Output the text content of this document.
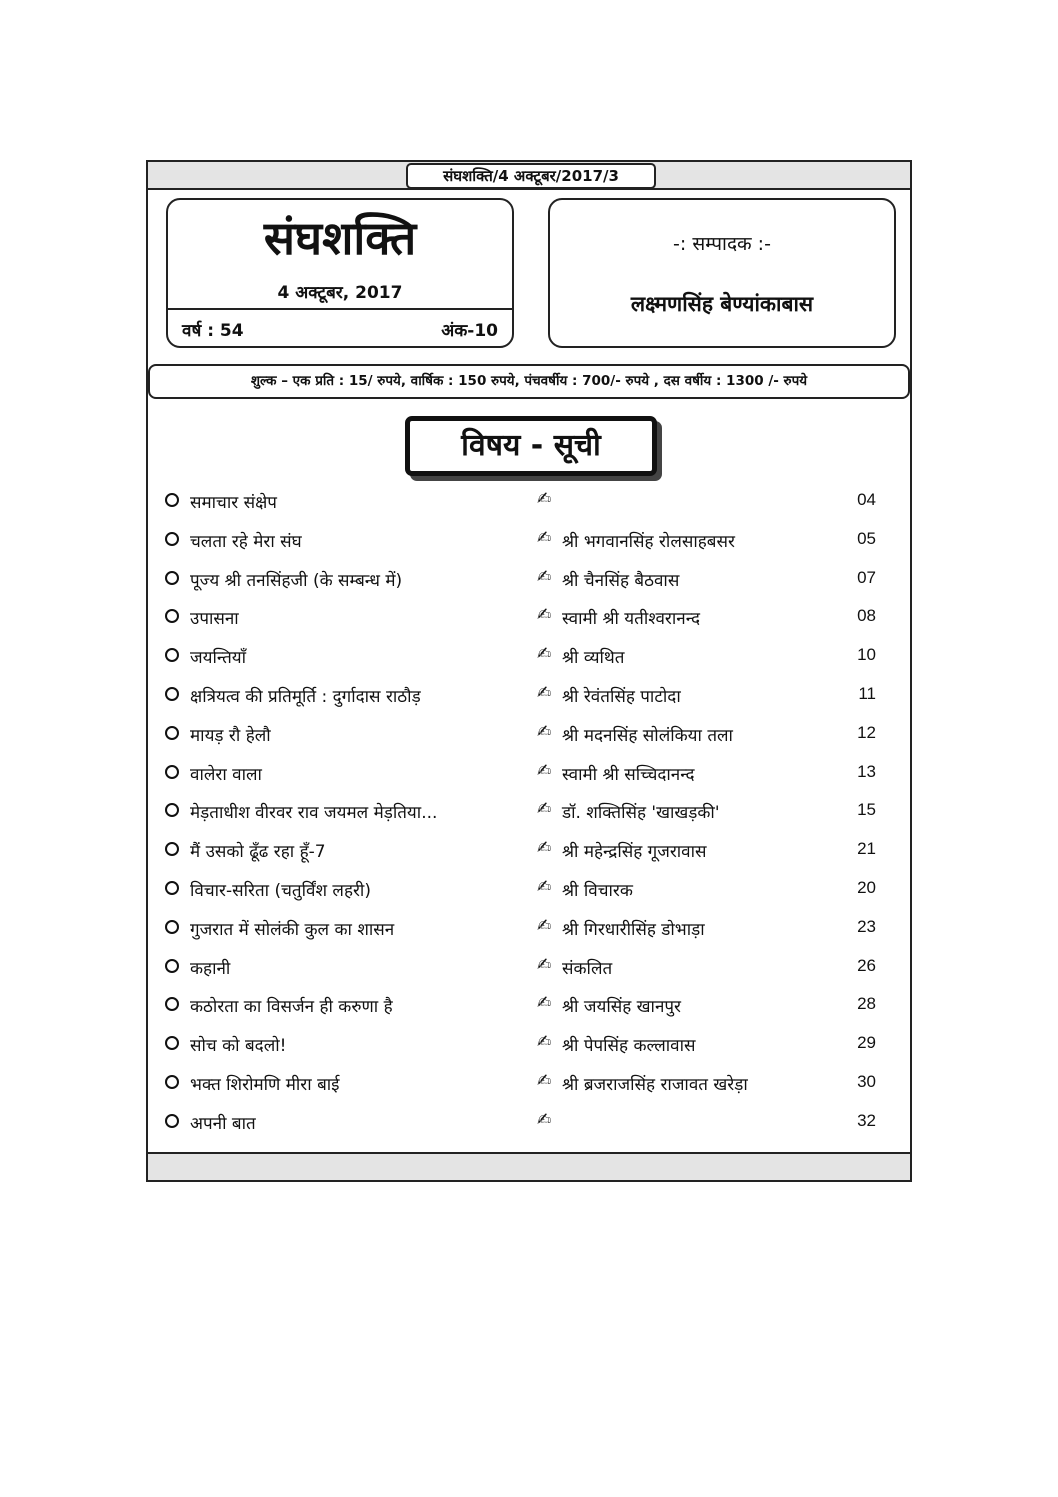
संघशक्ति/4 अक्टूबर/2017/3
संघशक्ति
4 अक्टूबर, 2017
वर्ष : 54	अंक-10
-: सम्पादक :-
लक्ष्मणसिंह बेण्यांकाबास
शुल्क – एक प्रति : 15/ रुपये, वार्षिक : 150 रुपये, पंचवर्षीय : 700/- रुपये , दस वर्षीय : 1300 /- रुपये
विषय - सूची
समाचार संक्षेप	✍	04
चलता रहे मेरा संघ	✍ श्री भगवानसिंह रोलसाहबसर	05
पूज्य श्री तनसिंहजी (के सम्बन्ध में)	✍ श्री चैनसिंह बैठवास	07
उपासना	✍ स्वामी श्री यतीश्वरानन्द	08
जयन्तियाँ	✍ श्री व्यथित	10
क्षत्रियत्व की प्रतिमूर्ति : दुर्गादास राठौड़	✍ श्री रेवंतसिंह पाटोदा	11
मायड़ रौ हेलौ	✍ श्री मदनसिंह सोलंकिया तला	12
वालेरा वाला	✍ स्वामी श्री सच्चिदानन्द	13
मेड़ताधीश वीरवर राव जयमल मेड़तिया...	✍ डॉ. शक्तिसिंह 'खाखड़की'	15
मैं उसको ढूँढ रहा हूँ-7	✍ श्री महेन्द्रसिंह गूजरावास	21
विचार-सरिता (चतुर्विंश लहरी)	✍ श्री विचारक	20
गुजरात में सोलंकी कुल का शासन	✍ श्री गिरधारीसिंह डोभाड़ा	23
कहानी	✍ संकलित	26
कठोरता का विसर्जन ही करुणा है	✍ श्री जयसिंह खानपुर	28
सोच को बदलो!	✍ श्री पेपसिंह कल्लावास	29
भक्त शिरोमणि मीरा बाई	✍ श्री ब्रजराजसिंह राजावत खरेड़ा	30
अपनी बात	✍	32
